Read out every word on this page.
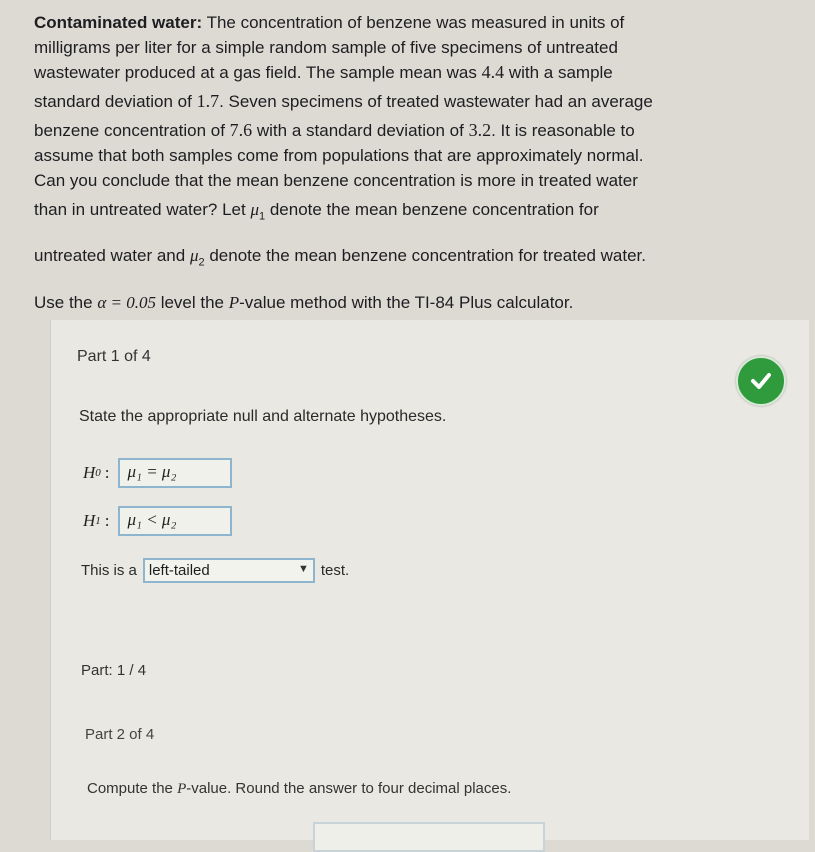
Contaminated water: The concentration of benzene was measured in units of
milligrams per liter for a simple random sample of five specimens of untreated
wastewater produced at a gas field. The sample mean was 4.4 with a sample
standard deviation of 1.7. Seven specimens of treated wastewater had an average
benzene concentration of 7.6 with a standard deviation of 3.2. It is reasonable to
assume that both samples come from populations that are approximately normal.
Can you conclude that the mean benzene concentration is more in treated water
than in untreated water? Let $\mu_1$ denote the mean benzene concentration for
untreated water and $\mu_2$ denote the mean benzene concentration for treated water.
Use the α = 0.05 level the P-value method with the TI-84 Plus calculator.
Part 1 of 4
State the appropriate null and alternate hypotheses.
H 0 :	μ₁ = μ₂
H 1 :	μ₁ < μ₂
This is a left-tailed	▼ test.
Part: 1 / 4
Part 2 of 4
Compute the P-value. Round the answer to four decimal places.
